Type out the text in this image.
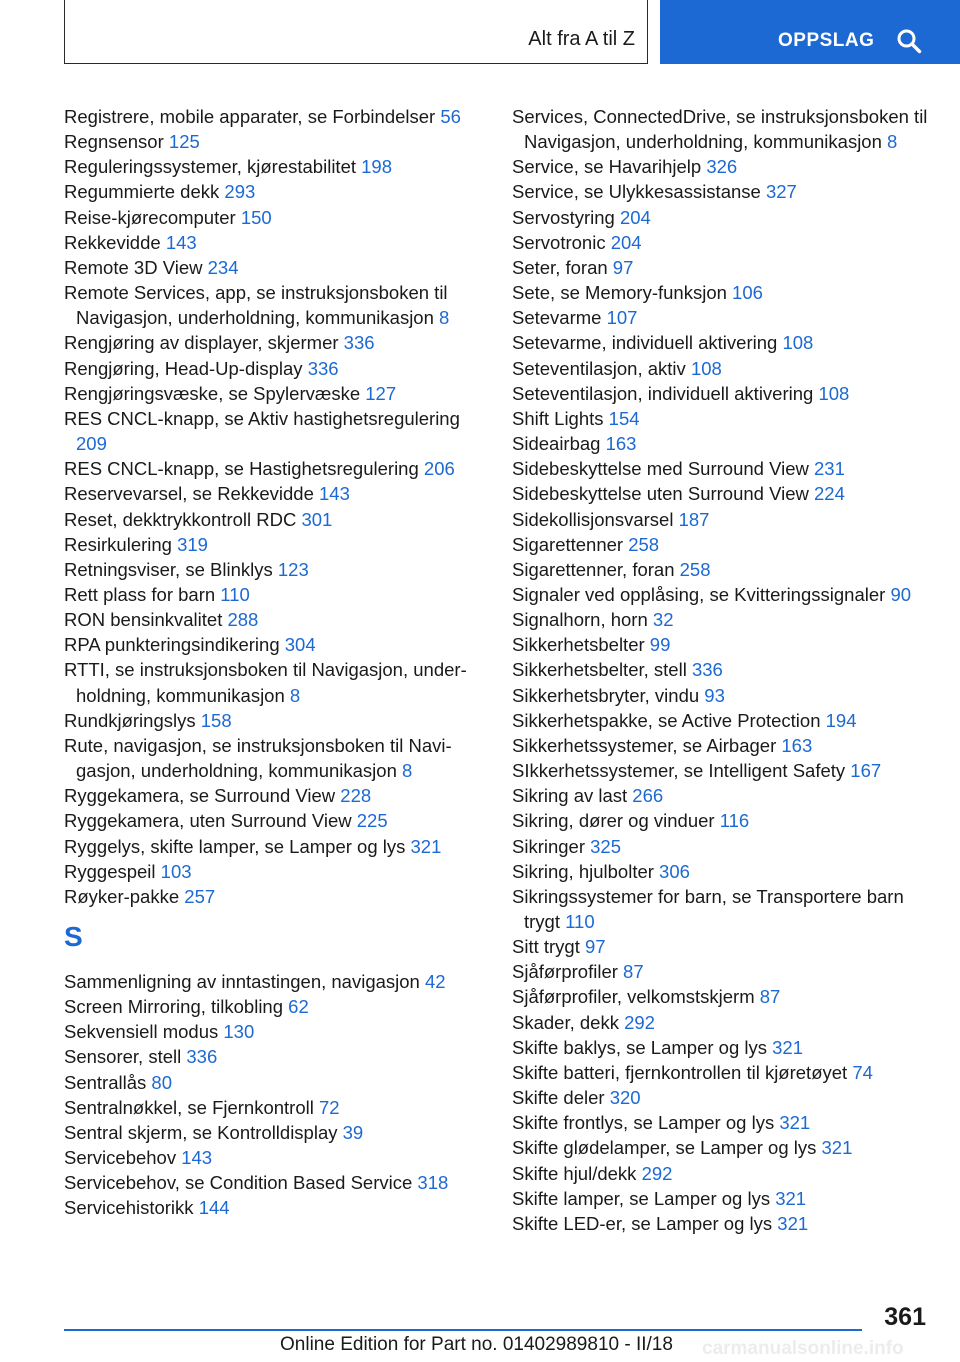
Alt fra A til Z	OPPSLAG
Registrere, mobile apparater, se Forbindelser 56
Regnsensor 125
Reguleringssystemer, kjørestabilitet 198
Regummierte dekk 293
Reise-kjørecomputer 150
Rekkevidde 143
Remote 3D View 234
Remote Services, app, se instruksjonsboken til Navigasjon, underholdning, kommunikasjon 8
Rengjøring av displayer, skjermer 336
Rengjøring, Head-Up-display 336
Rengjøringsvæske, se Spylervæske 127
RES CNCL-knapp, se Aktiv hastighetsregulering 209
RES CNCL-knapp, se Hastighetsregulering 206
Reservevarsel, se Rekkevidde 143
Reset, dekktrykkontroll RDC 301
Resirkulering 319
Retningsviser, se Blinklys 123
Rett plass for barn 110
RON bensinkvalitet 288
RPA punkteringsindikering 304
RTTI, se instruksjonsboken til Navigasjon, underholdning, kommunikasjon 8
Rundkjøringslys 158
Rute, navigasjon, se instruksjonsboken til Navigasjon, underholdning, kommunikasjon 8
Ryggekamera, se Surround View 228
Ryggekamera, uten Surround View 225
Ryggelys, skifte lamper, se Lamper og lys 321
Ryggespeil 103
Røyker-pakke 257
S
Sammenligning av inntastingen, navigasjon 42
Screen Mirroring, tilkobling 62
Sekvensiell modus 130
Sensorer, stell 336
Sentrallås 80
Sentralnøkkel, se Fjernkontroll 72
Sentral skjerm, se Kontrolldisplay 39
Servicebehov 143
Servicebehov, se Condition Based Service 318
Servicehistorikk 144
Services, ConnectedDrive, se instruksjonsboken til Navigasjon, underholdning, kommunikasjon 8
Service, se Havarihjelp 326
Service, se Ulykkesassistanse 327
Servostyring 204
Servotronic 204
Seter, foran 97
Sete, se Memory-funksjon 106
Setevarme 107
Setevarme, individuell aktivering 108
Seteventilasjon, aktiv 108
Seteventilasjon, individuell aktivering 108
Shift Lights 154
Sideairbag 163
Sidebeskyttelse med Surround View 231
Sidebeskyttelse uten Surround View 224
Sidekollisjonsvarsel 187
Sigarettenner 258
Sigarettenner, foran 258
Signaler ved opplåsing, se Kvitteringssignaler 90
Signalhorn, horn 32
Sikkerhetsbelter 99
Sikkerhetsbelter, stell 336
Sikkerhetsbryter, vindu 93
Sikkerhetspakke, se Active Protection 194
Sikkerhetssystemer, se Airbager 163
SIkkerhetssystemer, se Intelligent Safety 167
Sikring av last 266
Sikring, dører og vinduer 116
Sikringer 325
Sikring, hjulbolter 306
Sikringssystemer for barn, se Transportere barn trygt 110
Sitt trygt 97
Sjåførprofiler 87
Sjåførprofiler, velkomstskjerm 87
Skader, dekk 292
Skifte baklys, se Lamper og lys 321
Skifte batteri, fjernkontrollen til kjøretøyet 74
Skifte deler 320
Skifte frontlys, se Lamper og lys 321
Skifte glødelamper, se Lamper og lys 321
Skifte hjul/dekk 292
Skifte lamper, se Lamper og lys 321
Skifte LED-er, se Lamper og lys 321
361
Online Edition for Part no. 01402989810 - II/18 carmanualsonline.info
